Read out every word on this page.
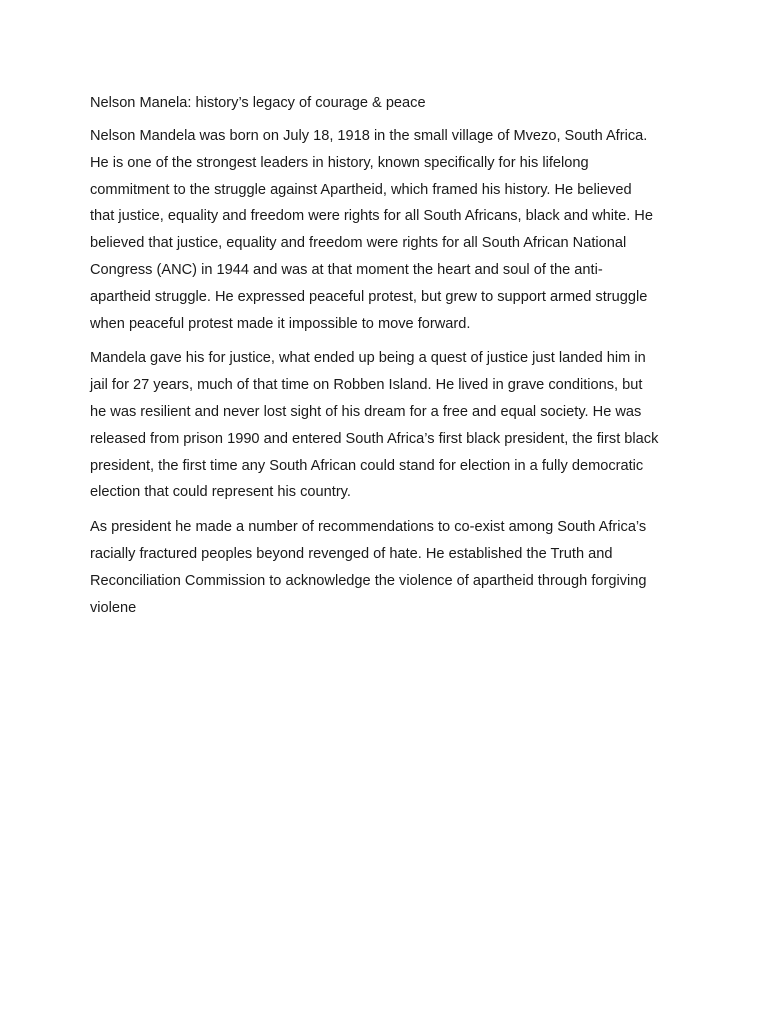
Nelson Manela: history’s legacy of courage & peace
Nelson Mandela was born on July 18, 1918 in the small village of Mvezo, South Africa.
He is one of the strongest leaders in history, known specifically for his lifelong
commitment to the struggle against Apartheid, which framed his history. He believed
that justice, equality and freedom were rights for all South Africans, black and white. He
believed that justice, equality and freedom were rights for all South African National
Congress (ANC) in 1944 and was at that moment the heart and soul of the anti-
apartheid struggle. He expressed peaceful protest, but grew to support armed struggle
when peaceful protest made it impossible to move forward.
Mandela gave his for justice, what ended up being a quest of justice just landed him in
jail for 27 years, much of that time on Robben Island. He lived in grave conditions, but
he was resilient and never lost sight of his dream for a free and equal society. He was
released from prison 1990 and entered South Africa’s first black president, the first black
president, the first time any South African could stand for election in a fully democratic
election that could represent his country.
As president he made a number of recommendations to co-exist among South Africa’s
racially fractured peoples beyond revenged of hate. He established the Truth and
Reconciliation Commission to acknowledge the violence of apartheid through forgiving
violene
